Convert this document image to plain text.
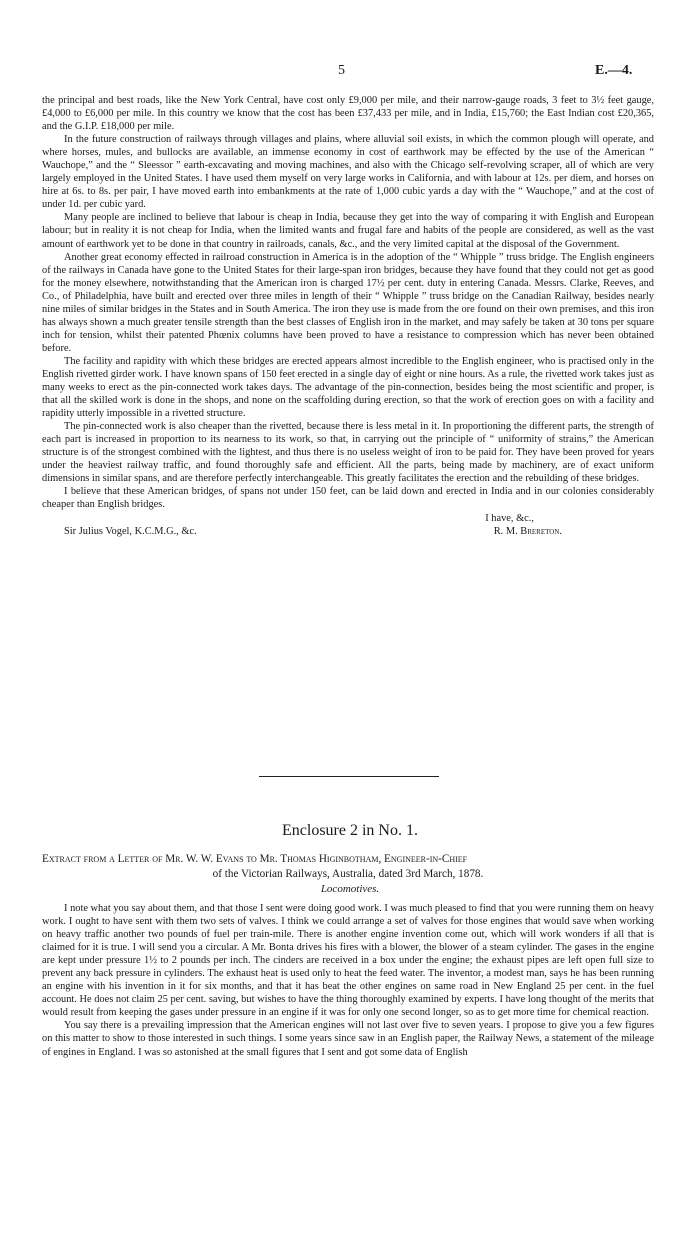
5	E.—4.

the principal and best roads, like the New York Central, have cost only £9,000 per mile, and their narrow-gauge roads, 3 feet to 3½ feet gauge, £4,000 to £6,000 per mile. In this country we know that the cost has been £37,433 per mile, and in India, £15,760; the East Indian cost £20,365, and the G.I.P. £18,000 per mile.

In the future construction of railways through villages and plains, where alluvial soil exists, in which the common plough will operate, and where horses, mules, and bullocks are available, an immense economy in cost of earthwork may be effected by the use of the American “ Wauchope,” and the “ Sleessor ” earth-excavating and moving machines, and also with the Chicago self-revolving scraper, all of which are very largely employed in the United States. I have used them myself on very large works in California, and with labour at 12s. per diem, and horses on hire at 6s. to 8s. per pair, I have moved earth into embankments at the rate of 1,000 cubic yards a day with the “ Wauchope,” and at the cost of under 1d. per cubic yard.

Many people are inclined to believe that labour is cheap in India, because they get into the way of comparing it with English and European labour; but in reality it is not cheap for India, when the limited wants and frugal fare and habits of the people are considered, as well as the vast amount of earthwork yet to be done in that country in railroads, canals, &c., and the very limited capital at the disposal of the Government.

Another great economy effected in railroad construction in America is in the adoption of the “ Whipple ” truss bridge. The English engineers of the railways in Canada have gone to the United States for their large-span iron bridges, because they have found that they could not get as good for the money elsewhere, notwithstanding that the American iron is charged 17½ per cent. duty in entering Canada. Messrs. Clarke, Reeves, and Co., of Philadelphia, have built and erected over three miles in length of their “ Whipple ” truss bridge on the Canadian Railway, besides nearly nine miles of similar bridges in the States and in South America. The iron they use is made from the ore found on their own premises, and this iron has always shown a much greater tensile strength than the best classes of English iron in the market, and may safely be taken at 30 tons per square inch for tension, whilst their patented Phœnix columns have been proved to have a resistance to compression which has never been obtained before.

The facility and rapidity with which these bridges are erected appears almost incredible to the English engineer, who is practised only in the English rivetted girder work. I have known spans of 150 feet erected in a single day of eight or nine hours. As a rule, the rivetted work takes just as many weeks to erect as the pin-connected work takes days. The advantage of the pin-connection, besides being the most scientific and proper, is that all the skilled work is done in the shops, and none on the scaffolding during erection, so that the work of erection goes on with a facility and rapidity utterly impossible in a rivetted structure.

The pin-connected work is also cheaper than the rivetted, because there is less metal in it. In proportioning the different parts, the strength of each part is increased in proportion to its nearness to its work, so that, in carrying out the principle of “ uniformity of strains,” the American structure is of the strongest combined with the lightest, and thus there is no useless weight of iron to be paid for. They have been proved for years under the heaviest railway traffic, and found thoroughly safe and efficient. All the parts, being made by machinery, are of exact uniform dimensions in similar spans, and are therefore perfectly interchangeable. This greatly facilitates the erection and the rebuilding of these bridges.

I believe that these American bridges, of spans not under 150 feet, can be laid down and erected in India and in our colonies considerably cheaper than English bridges.

I have, &c.,
Sir Julius Vogel, K.C.M.G., &c.	R. M. Brereton.
Enclosure 2 in No. 1.
Extract from a Letter of Mr. W. W. Evans to Mr. Thomas Higinbotham, Engineer-in-Chief
of the Victorian Railways, Australia, dated 3rd March, 1878.
Locomotives.

I note what you say about them, and that those I sent were doing good work. I was much pleased to find that you were running them on heavy work. I ought to have sent with them two sets of valves. I think we could arrange a set of valves for those engines that would save when working on heavy traffic another two pounds of fuel per train-mile. There is another engine invention come out, which will work wonders if all that is claimed for it is true. I will send you a circular. A Mr. Bonta drives his fires with a blower, the blower of a steam cylinder. The gases in the engine are kept under pressure 1½ to 2 pounds per inch. The cinders are received in a box under the engine; the exhaust pipes are left open full size to prevent any back pressure in cylinders. The exhaust heat is used only to heat the feed water. The inventor, a modest man, says he has been running an engine with his invention in it for six months, and that it has beat the other engines on same road in New England 25 per cent. in the fuel account. He does not claim 25 per cent. saving, but wishes to have the thing thoroughly examined by experts. I have long thought of the merits that would result from keeping the gases under pressure in an engine if it was for only one second longer, so as to get more time for chemical reaction.

You say there is a prevailing impression that the American engines will not last over five to seven years. I propose to give you a few figures on this matter to show to those interested in such things. I some years since saw in an English paper, the Railway News, a statement of the mileage of engines in England. I was so astonished at the small figures that I sent and got some data of English
